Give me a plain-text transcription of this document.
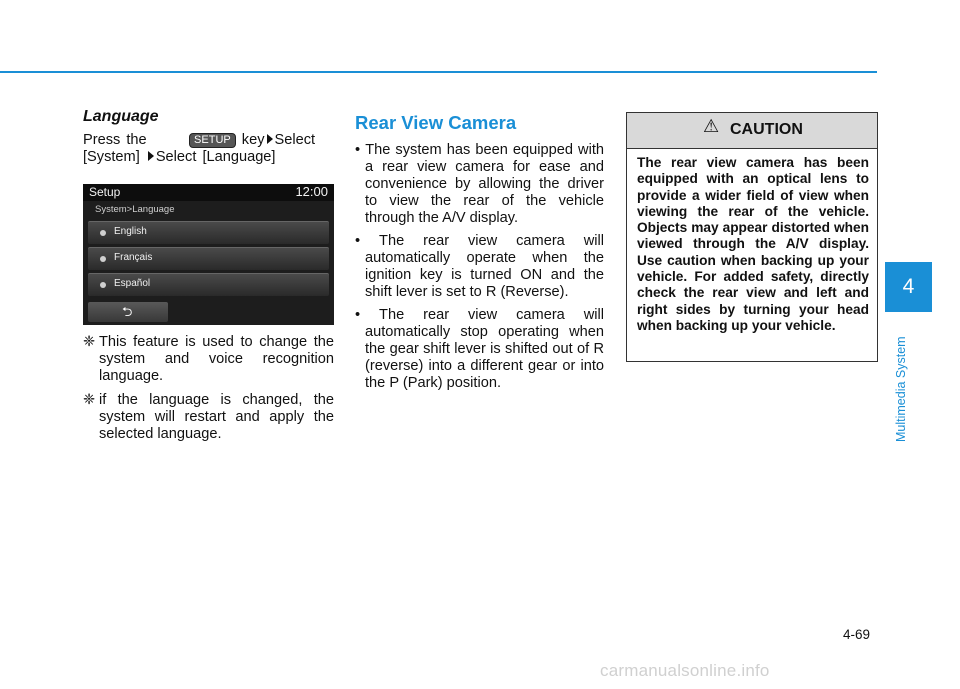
Language

Press the	SETUP key Select
[System] Select [Language]

Setup	12:00
System>Language
English
Français
Español
⮌

❈ This feature is used to change the system and voice recognition language.

❈ if the language is changed, the system will restart and apply the selected language.

Rear View Camera
• The system has been equipped with a rear view camera for ease and convenience by allowing the driver to view the rear of the vehicle through the A/V display.
• The rear view camera will automatically operate when the ignition key is turned ON and the shift lever is set to R (Reverse).
• The rear view camera will automatically stop operating when the gear shift lever is shifted out of R (reverse) into a different gear or into the P (Park) position.
⚠ CAUTION

The rear view camera has been equipped with an optical lens to provide a wider field of view when viewing the rear of the vehicle. Objects may appear distorted when viewed through the A/V display. Use caution when backing up your vehicle. For added safety, directly check the rear view and left and right sides by turning your head when backing up your vehicle.

4
Multimedia System
4-69
carmanualsonline.info
